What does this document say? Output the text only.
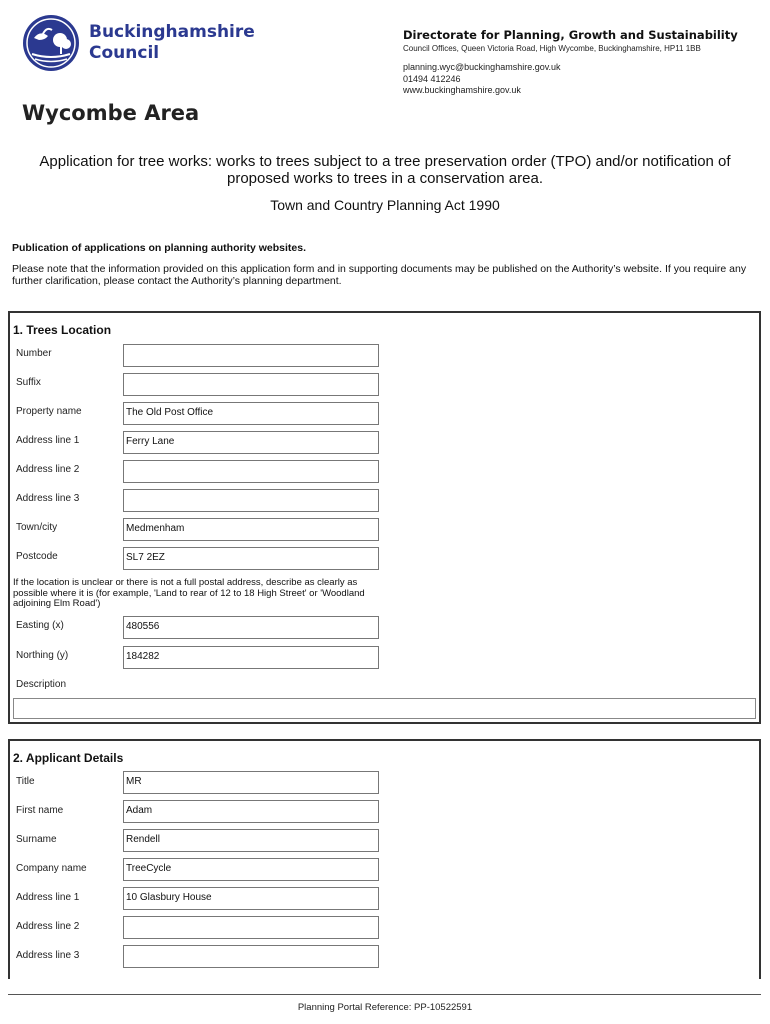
Buckinghamshire
Council
Directorate for Planning, Growth and Sustainability
Council Offices, Queen Victoria Road, High Wycombe, Buckinghamshire, HP11 1BB
planning.wyc@buckinghamshire.gov.uk
01494 412246
www.buckinghamshire.gov.uk
Wycombe Area
Application for tree works: works to trees subject to a tree preservation order (TPO) and/or notification of proposed works to trees in a conservation area.
Town and Country Planning Act 1990
Publication of applications on planning authority websites.
Please note that the information provided on this application form and in supporting documents may be published on the Authority’s website. If you require any further clarification, please contact the Authority’s planning department.
1. Trees Location
Number
Suffix
Property name	The Old Post Office
Address line 1	Ferry Lane
Address line 2
Address line 3
Town/city	Medmenham
Postcode	SL7 2EZ
If the location is unclear or there is not a full postal address, describe as clearly as possible where it is (for example, 'Land to rear of 12 to 18 High Street' or 'Woodland adjoining Elm Road')
Easting (x)	480556
Northing (y)	184282
Description
2. Applicant Details
Title	MR
First name	Adam
Surname	Rendell
Company name	TreeCycle
Address line 1	10 Glasbury House
Address line 2
Address line 3
Planning Portal Reference: PP-10522591
